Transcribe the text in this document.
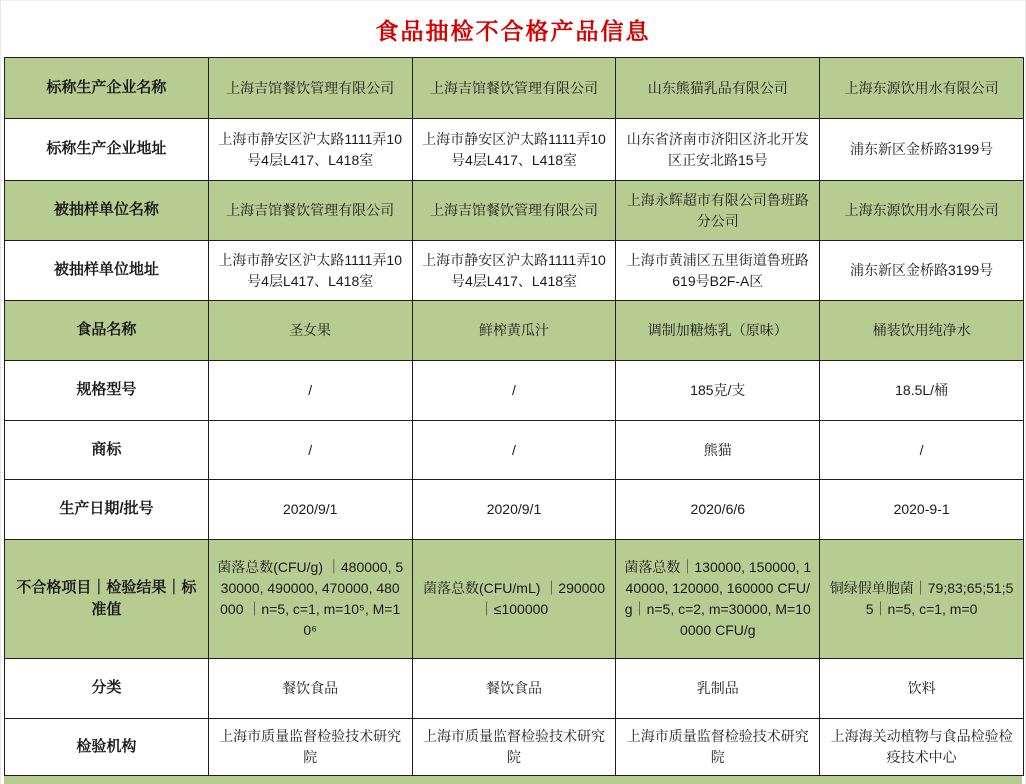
食品抽检不合格产品信息
标称生产企业名称	上海吉馆餐饮管理有限公司	上海吉馆餐饮管理有限公司	山东熊猫乳品有限公司	上海东源饮用水有限公司
标称生产企业地址	上海市静安区沪太路1111弄10号4层L417、L418室	上海市静安区沪太路1111弄10号4层L417、L418室	山东省济南市济阳区济北开发区正安北路15号	浦东新区金桥路3199号
被抽样单位名称	上海吉馆餐饮管理有限公司	上海吉馆餐饮管理有限公司	上海永辉超市有限公司鲁班路分公司	上海东源饮用水有限公司
被抽样单位地址	上海市静安区沪太路1111弄10号4层L417、L418室	上海市静安区沪太路1111弄10号4层L417、L418室	上海市黄浦区五里街道鲁班路619号B2F-A区	浦东新区金桥路3199号
食品名称	圣女果	鲜榨黄瓜汁	调制加糖炼乳（原味）	桶装饮用纯净水
规格型号	/	/	185克/支	18.5L/桶
商标	/	/	熊猫	/
生产日期/批号	2020/9/1	2020/9/1	2020/6/6	2020-9-1
不合格项目｜检验结果｜标准值	菌落总数(CFU/g) ｜480000, 530000, 490000, 470000, 480000 ｜n=5, c=1, m=10⁵, M=10⁶	菌落总数(CFU/mL) ｜290000 ｜≤100000	菌落总数｜130000, 150000, 140000, 120000, 160000 CFU/g｜n=5, c=2, m=30000, M=100000 CFU/g	铜绿假单胞菌｜79;83;65;51;55｜n=5, c=1, m=0
分类	餐饮食品	餐饮食品	乳制品	饮料
检验机构	上海市质量监督检验技术研究院	上海市质量监督检验技术研究院	上海市质量监督检验技术研究院	上海海关动植物与食品检验检疫技术中心
